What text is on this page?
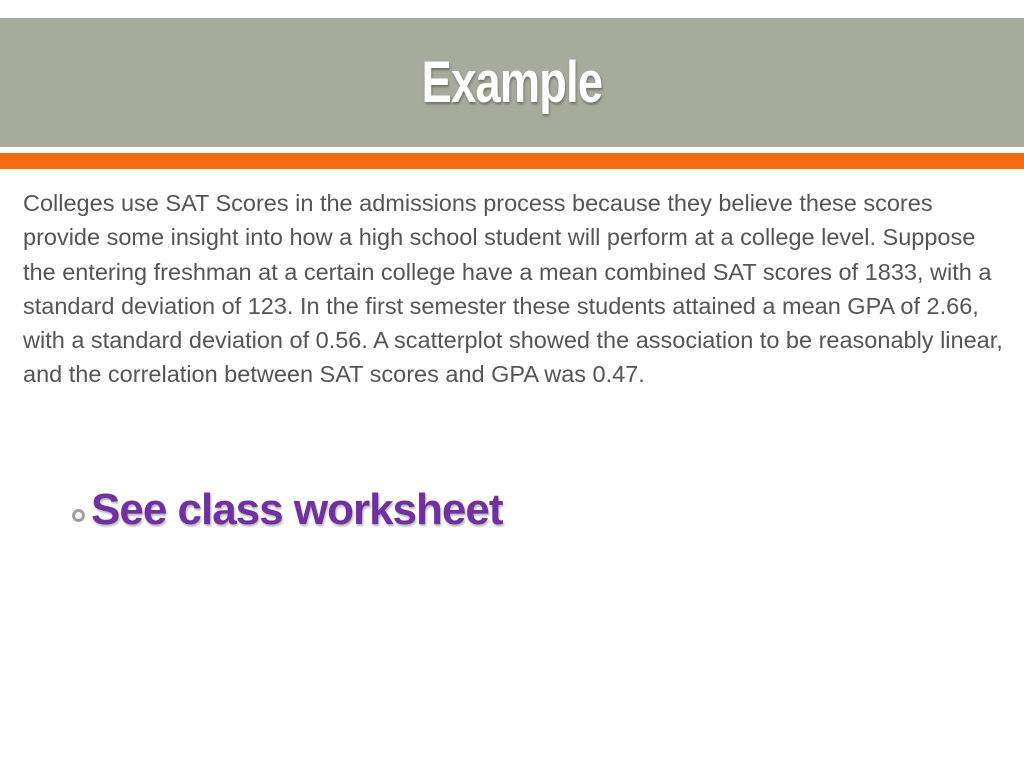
Example

Colleges use SAT Scores in the admissions process because they believe these scores provide some insight into how a high school student will perform at a college level. Suppose the entering freshman at a certain college have a mean combined SAT scores of 1833, with a standard deviation of 123. In the first semester these students attained a mean GPA of 2.66, with a standard deviation of 0.56. A scatterplot showed the association to be reasonably linear, and the correlation between SAT scores and GPA was 0.47.

See class worksheet
